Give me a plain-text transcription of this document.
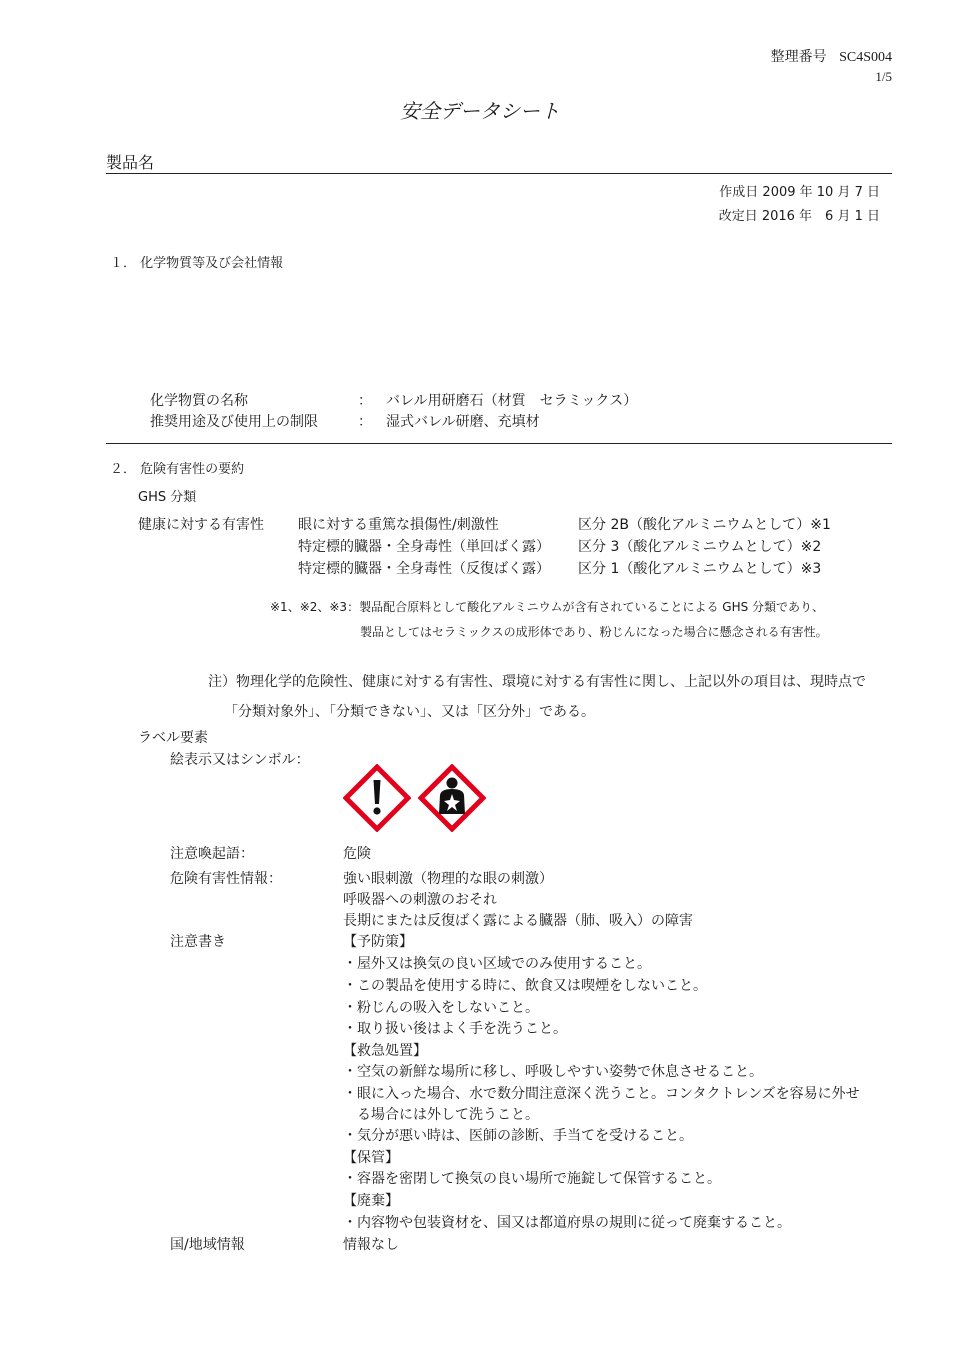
整理番号 SC4S004
1/5
安全データシート
製品名
作成日 2009 年 10 月 7 日
改定日 2016 年　6 月 1 日
１． 化学物質等及び会社情報
化学物質の名称	： バレル用研磨石（材質　セラミックス）
推奨用途及び使用上の制限	： 湿式バレル研磨、充填材
２． 危険有害性の要約
GHS 分類
健康に対する有害性 眼に対する重篤な損傷性/刺激性	区分 2B（酸化アルミニウムとして）※1
特定標的臓器・全身毒性（単回ばく露） 区分 3（酸化アルミニウムとして）※2
特定標的臓器・全身毒性（反復ばく露） 区分 1（酸化アルミニウムとして）※3
※1、※2、※3：製品配合原料として酸化アルミニウムが含有されていることによる GHS 分類であり、
製品としてはセラミックスの成形体であり、粉じんになった場合に懸念される有害性。
注）物理化学的危険性、健康に対する有害性、環境に対する有害性に関し、上記以外の項目は、現時点で
「分類対象外」、「分類できない」、又は「区分外」である。
ラベル要素
絵表示又はシンボル：
注意喚起語：	危険
危険有害性情報：	強い眼刺激（物理的な眼の刺激）
呼吸器への刺激のおそれ
長期にまたは反復ばく露による臓器（肺、吸入）の障害
注意書き	【予防策】
・屋外又は換気の良い区域でのみ使用すること。
・この製品を使用する時に、飲食又は喫煙をしないこと。
・粉じんの吸入をしないこと。
・取り扱い後はよく手を洗うこと。
【救急処置】
・空気の新鮮な場所に移し、呼吸しやすい姿勢で休息させること。
・眼に入った場合、水で数分間注意深く洗うこと。コンタクトレンズを容易に外せ
　る場合には外して洗うこと。
・気分が悪い時は、医師の診断、手当てを受けること。
【保管】
・容器を密閉して換気の良い場所で施錠して保管すること。
【廃棄】
・内容物や包装資材を、国又は都道府県の規則に従って廃棄すること。
国/地域情報	情報なし
